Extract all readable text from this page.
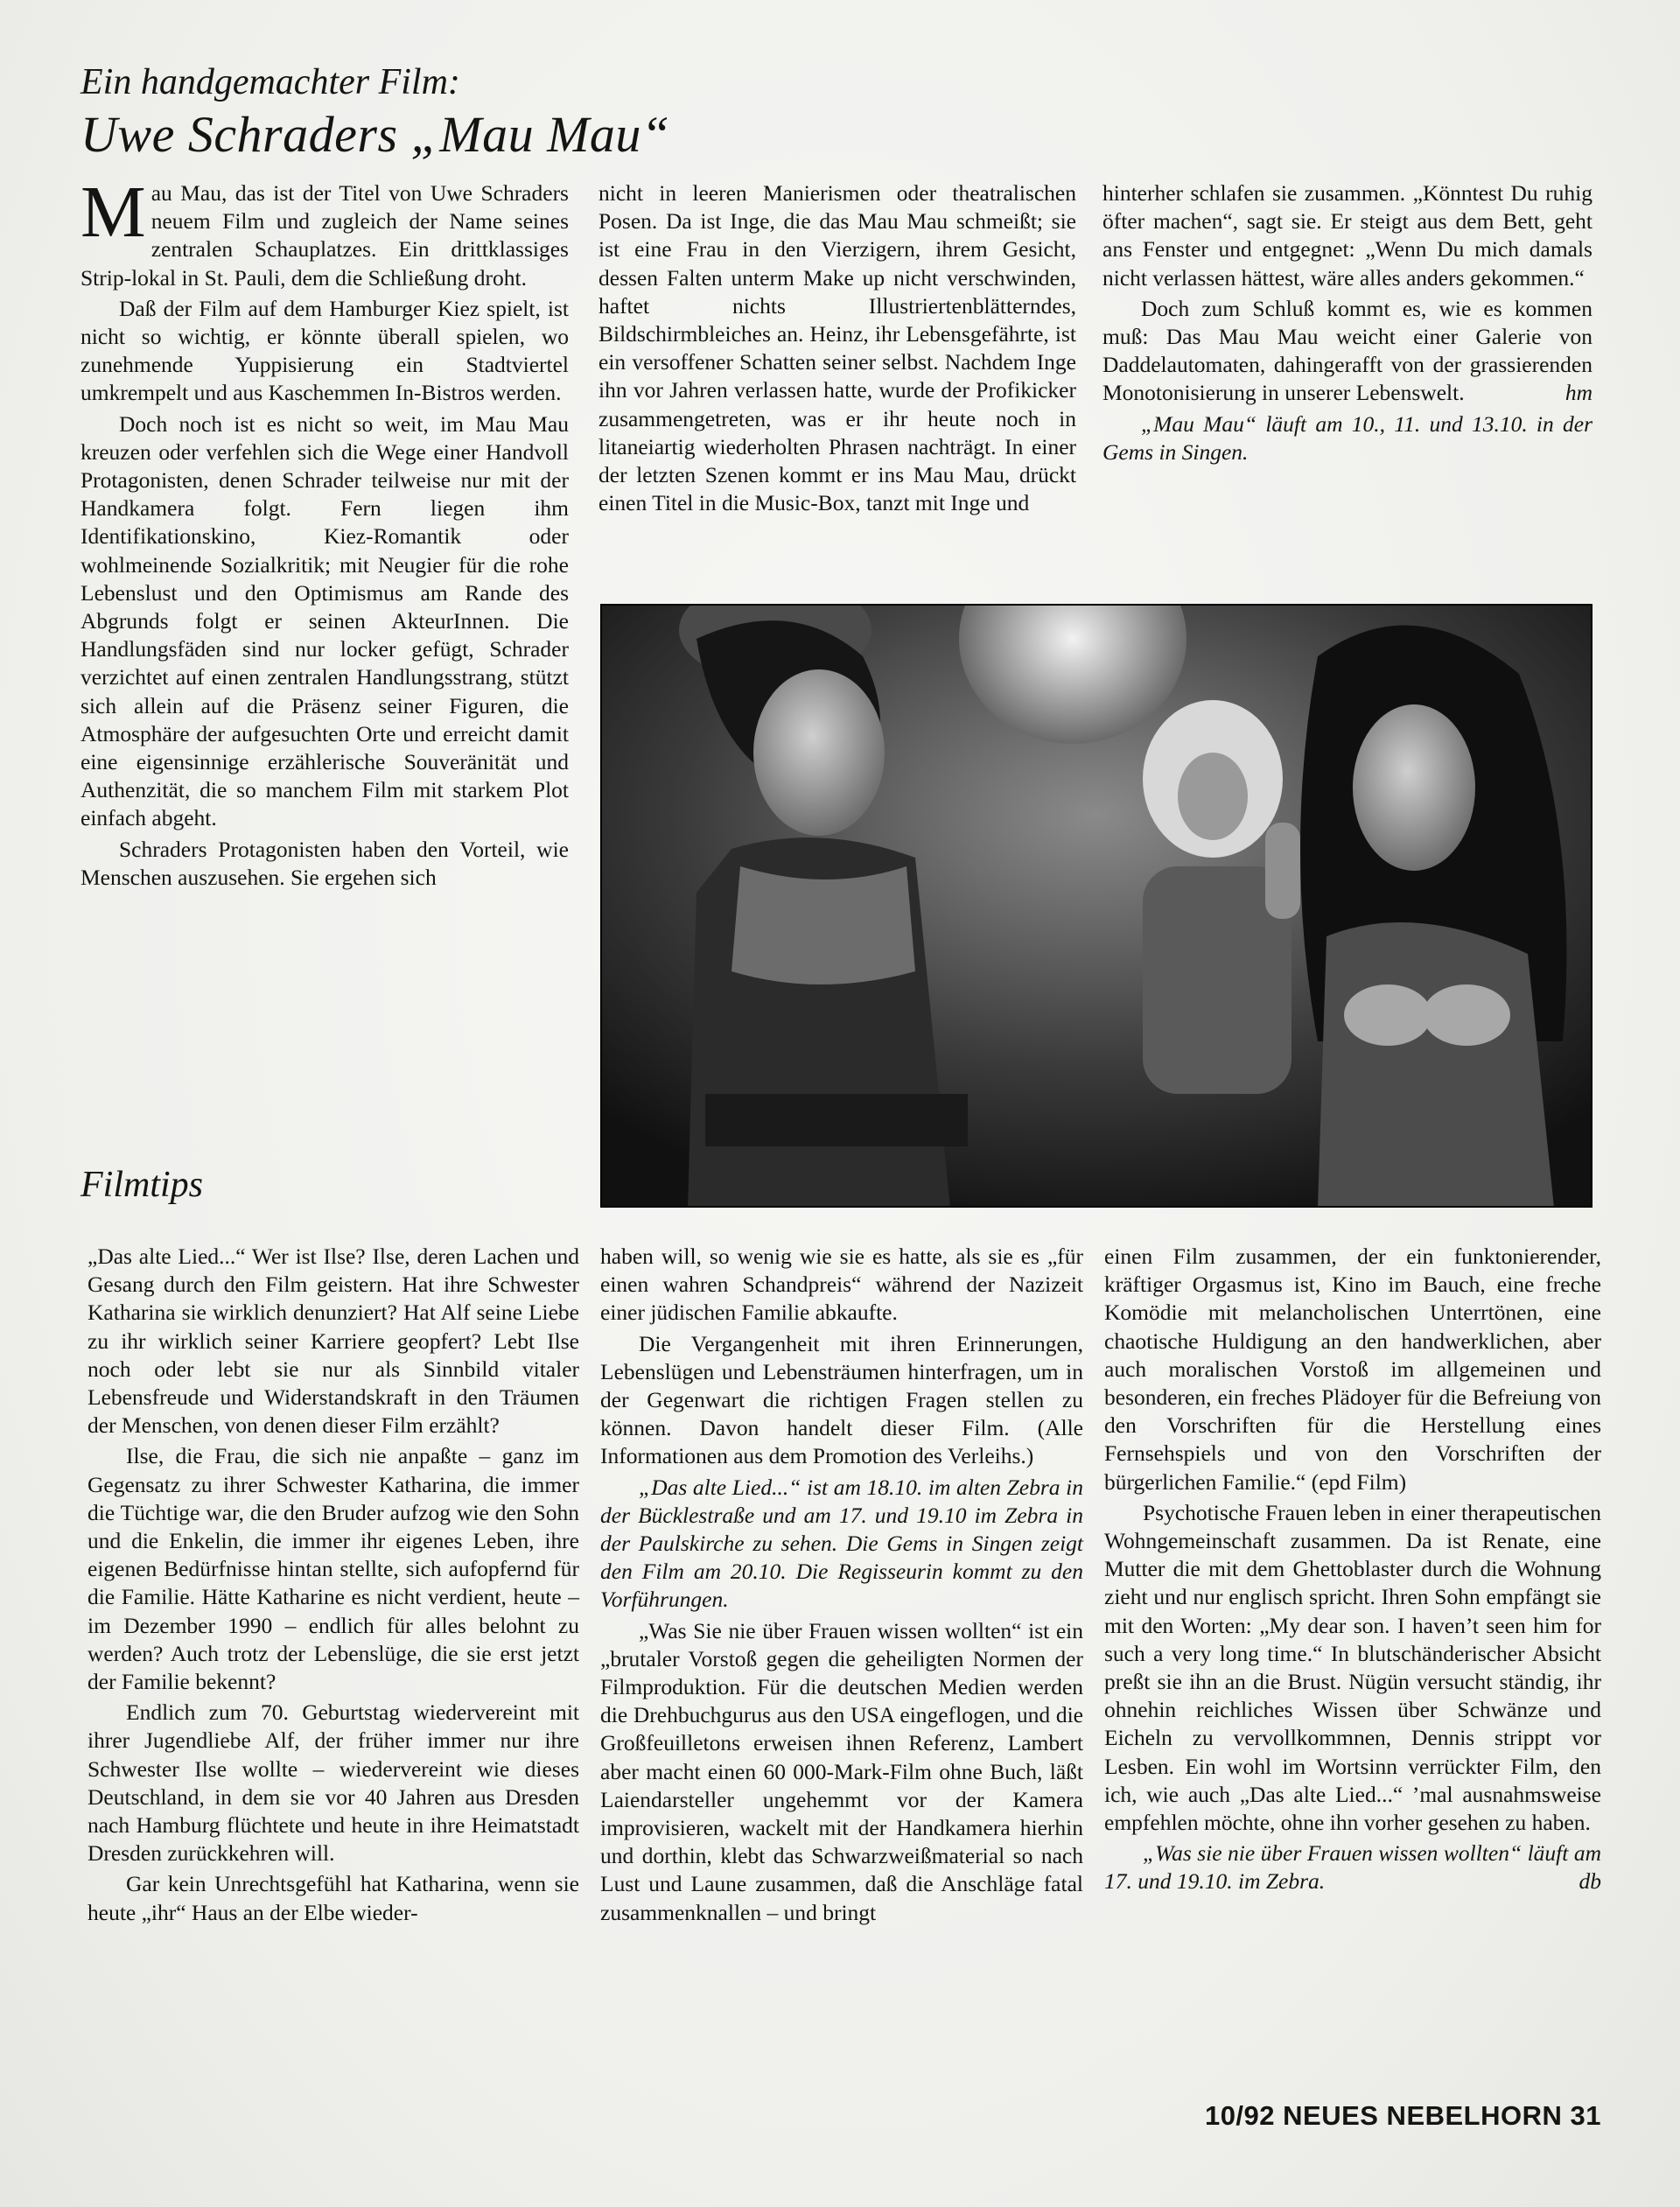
Ein handgemachter Film:
Uwe Schraders „Mau Mau“

Mau Mau, das ist der Titel von Uwe Schraders neuem Film und zugleich der Name seines zentralen Schauplatzes. Ein drittklassiges Strip-lokal in St. Pauli, dem die Schließung droht.

Daß der Film auf dem Hamburger Kiez spielt, ist nicht so wichtig, er könnte überall spielen, wo zunehmende Yuppisierung ein Stadtviertel umkrempelt und aus Kaschemmen In-Bistros werden.

Doch noch ist es nicht so weit, im Mau Mau kreuzen oder verfehlen sich die Wege einer Handvoll Protagonisten, denen Schrader teilweise nur mit der Handkamera folgt. Fern liegen ihm Identifikationskino, Kiez-Romantik oder wohlmeinende Sozialkritik; mit Neugier für die rohe Lebenslust und den Optimismus am Rande des Abgrunds folgt er seinen AkteurInnen. Die Handlungsfäden sind nur locker gefügt, Schrader verzichtet auf einen zentralen Handlungsstrang, stützt sich allein auf die Präsenz seiner Figuren, die Atmosphäre der aufgesuchten Orte und erreicht damit eine eigensinnige erzählerische Souveränität und Authenzität, die so manchem Film mit starkem Plot einfach abgeht.

Schraders Protagonisten haben den Vorteil, wie Menschen auszusehen. Sie ergehen sich

nicht in leeren Manierismen oder theatralischen Posen. Da ist Inge, die das Mau Mau schmeißt; sie ist eine Frau in den Vierzigern, ihrem Gesicht, dessen Falten unterm Make up nicht verschwinden, haftet nichts Illustriertenblätterndes, Bildschirmbleiches an. Heinz, ihr Lebensgefährte, ist ein versoffener Schatten seiner selbst. Nachdem Inge ihn vor Jahren verlassen hatte, wurde der Profikicker zusammengetreten, was er ihr heute noch in litaneiartig wiederholten Phrasen nachträgt. In einer der letzten Szenen kommt er ins Mau Mau, drückt einen Titel in die Music-Box, tanzt mit Inge und

hinterher schlafen sie zusammen. „Könntest Du ruhig öfter machen“, sagt sie. Er steigt aus dem Bett, geht ans Fenster und entgegnet: „Wenn Du mich damals nicht verlassen hättest, wäre alles anders gekommen.“

Doch zum Schluß kommt es, wie es kommen muß: Das Mau Mau weicht einer Galerie von Daddelautomaten, dahingerafft von der grassierenden Monotonisierung in unserer Lebenswelt.	hm

„Mau Mau“ läuft am 10., 11. und 13.10. in der Gems in Singen.

Filmtips

„Das alte Lied...“ Wer ist Ilse? Ilse, deren Lachen und Gesang durch den Film geistern. Hat ihre Schwester Katharina sie wirklich denunziert? Hat Alf seine Liebe zu ihr wirklich seiner Karriere geopfert? Lebt Ilse noch oder lebt sie nur als Sinnbild vitaler Lebensfreude und Widerstandskraft in den Träumen der Menschen, von denen dieser Film erzählt?

Ilse, die Frau, die sich nie anpaßte – ganz im Gegensatz zu ihrer Schwester Katharina, die immer die Tüchtige war, die den Bruder aufzog wie den Sohn und die Enkelin, die immer ihr eigenes Leben, ihre eigenen Bedürfnisse hintan stellte, sich aufopfernd für die Familie. Hätte Katharine es nicht verdient, heute – im Dezember 1990 – endlich für alles belohnt zu werden? Auch trotz der Lebenslüge, die sie erst jetzt der Familie bekennt?

Endlich zum 70. Geburtstag wiedervereint mit ihrer Jugendliebe Alf, der früher immer nur ihre Schwester Ilse wollte – wiedervereint wie dieses Deutschland, in dem sie vor 40 Jahren aus Dresden nach Hamburg flüchtete und heute in ihre Heimatstadt Dresden zurückkehren will.

Gar kein Unrechtsgefühl hat Katharina, wenn sie heute „ihr“ Haus an der Elbe wieder-

haben will, so wenig wie sie es hatte, als sie es „für einen wahren Schandpreis“ während der Nazizeit einer jüdischen Familie abkaufte.

Die Vergangenheit mit ihren Erinnerungen, Lebenslügen und Lebensträumen hinterfragen, um in der Gegenwart die richtigen Fragen stellen zu können. Davon handelt dieser Film. (Alle Informationen aus dem Promotion des Verleihs.)

„Das alte Lied...“ ist am 18.10. im alten Zebra in der Bücklestraße und am 17. und 19.10 im Zebra in der Paulskirche zu sehen. Die Gems in Singen zeigt den Film am 20.10. Die Regisseurin kommt zu den Vorführungen.

„Was Sie nie über Frauen wissen wollten“ ist ein „brutaler Vorstoß gegen die geheiligten Normen der Filmproduktion. Für die deutschen Medien werden die Drehbuchgurus aus den USA eingeflogen, und die Großfeuilletons erweisen ihnen Referenz, Lambert aber macht einen 60 000-Mark-Film ohne Buch, läßt Laiendarsteller ungehemmt vor der Kamera improvisieren, wackelt mit der Handkamera hierhin und dorthin, klebt das Schwarzweißmaterial so nach Lust und Laune zusammen, daß die Anschläge fatal zusammenknallen – und bringt

einen Film zusammen, der ein funktonierender, kräftiger Orgasmus ist, Kino im Bauch, eine freche Komödie mit melancholischen Unterrtönen, eine chaotische Huldigung an den handwerklichen, aber auch moralischen Vorstoß im allgemeinen und besonderen, ein freches Plädoyer für die Befreiung von den Vorschriften für die Herstellung eines Fernsehspiels und von den Vorschriften der bürgerlichen Familie.“ (epd Film)

Psychotische Frauen leben in einer therapeutischen Wohngemeinschaft zusammen. Da ist Renate, eine Mutter die mit dem Ghettoblaster durch die Wohnung zieht und nur englisch spricht. Ihren Sohn empfängt sie mit den Worten: „My dear son. I haven’t seen him for such a very long time.“ In blutschänderischer Absicht preßt sie ihn an die Brust. Nügün versucht ständig, ihr ohnehin reichliches Wissen über Schwänze und Eicheln zu vervollkommnen, Dennis strippt vor Lesben. Ein wohl im Wortsinn verrückter Film, den ich, wie auch „Das alte Lied...“ ’mal ausnahmsweise empfehlen möchte, ohne ihn vorher gesehen zu haben.

„Was sie nie über Frauen wissen wollten“ läuft am 17. und 19.10. im Zebra.	db

10/92 NEUES NEBELHORN 31
